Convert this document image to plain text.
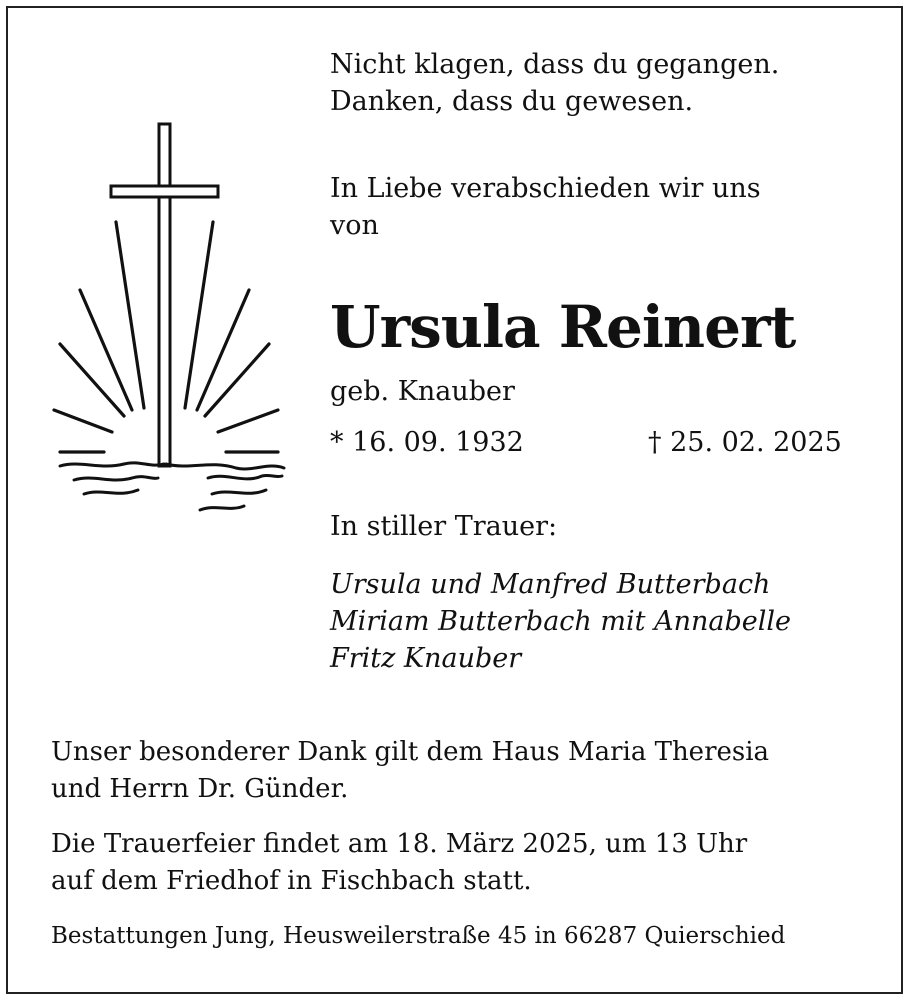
Nicht klagen, dass du gegangen.
Danken, dass du gewesen.
In Liebe verabschieden wir uns
von
Ursula Reinert
geb. Knauber
* 16. 09. 1932	† 25. 02. 2025
In stiller Trauer:
Ursula und Manfred Butterbach
Miriam Butterbach mit Annabelle
Fritz Knauber
Unser besonderer Dank gilt dem Haus Maria Theresia
und Herrn Dr. Günder.
Die Trauerfeier findet am 18. März 2025, um 13 Uhr
auf dem Friedhof in Fischbach statt.
Bestattungen Jung, Heusweilerstraße 45 in 66287 Quierschied
